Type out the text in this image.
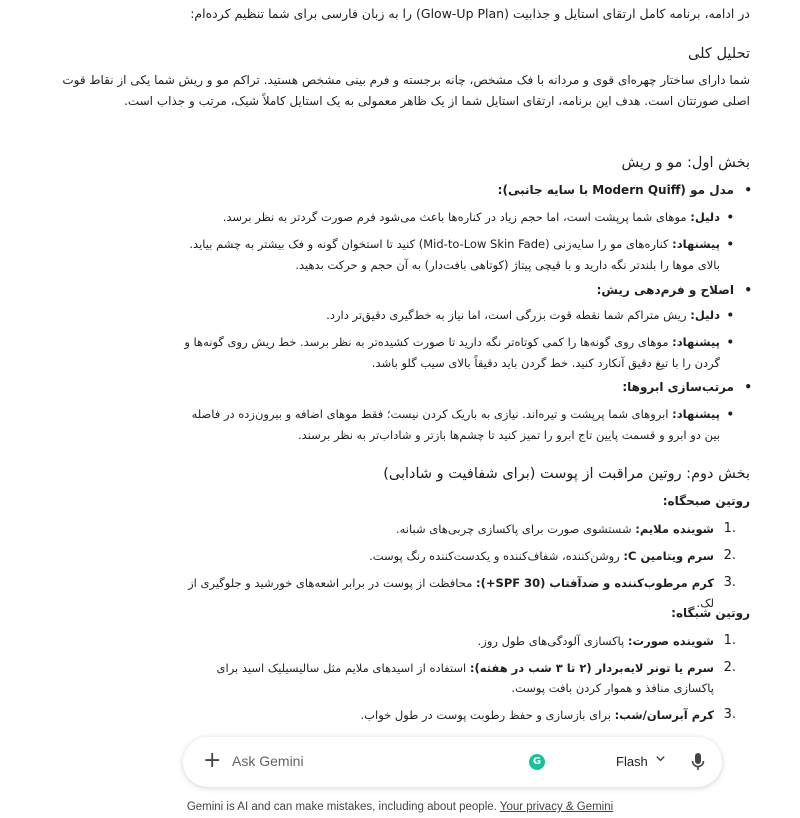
در ادامه، برنامه کامل ارتقای استایل و جذابیت (Glow-Up Plan) را به زبان فارسی برای شما تنظیم کرده‌ام:
تحلیل کلی
شما دارای ساختار چهره‌ای قوی و مردانه با فک مشخص، چانه برجسته و فرم بینی مشخص هستید. تراکم مو و ریش شما یکی از نقاط قوت اصلی صورتتان است. هدف این برنامه، ارتقای استایل شما از یک ظاهر معمولی به یک استایل کاملاً شیک، مرتب و جذاب است.
بخش اول: مو و ریش
• مدل مو (Modern Quiff با سایه جانبی):
• دلیل: موهای شما پرپشت است، اما حجم زیاد در کناره‌ها باعث می‌شود فرم صورت گردتر به نظر برسد.
• پیشنهاد: کناره‌های مو را سایه‌زنی (Mid-to-Low Skin Fade) کنید تا استخوان گونه و فک بیشتر به چشم بیاید. بالای موها را بلندتر نگه دارید و با قیچی پیتاژ (کوتاهی بافت‌دار) به آن حجم و حرکت بدهید.
• اصلاح و فرم‌دهی ریش:
• دلیل: ریش متراکم شما نقطه قوت بزرگی است، اما نیاز به خط‌گیری دقیق‌تر دارد.
• پیشنهاد: موهای روی گونه‌ها را کمی کوتاه‌تر نگه دارید تا صورت کشیده‌تر به نظر برسد. خط ریش روی گونه‌ها و گردن را با تیغ دقیق آنکارد کنید. خط گردن باید دقیقاً بالای سیب گلو باشد.
• مرتب‌سازی ابروها:
• پیشنهاد: ابروهای شما پرپشت و تیره‌اند. نیازی به باریک کردن نیست؛ فقط موهای اضافه و بیرون‌زده در فاصله بین دو ابرو و قسمت پایین تاج ابرو را تمیز کنید تا چشم‌ها بازتر و شاداب‌تر به نظر برسند.
بخش دوم: روتین مراقبت از پوست (برای شفافیت و شادابی)
روتین صبحگاه:
1.
شوینده ملایم: شستشوی صورت برای پاکسازی چربی‌های شبانه.
2.
سرم ویتامین C: روشن‌کننده، شفاف‌کننده و یکدست‌کننده رنگ پوست.
3.
کرم مرطوب‌کننده و ضدآفتاب (SPF 30+): محافظت از پوست در برابر اشعه‌های خورشید و جلوگیری از لک.
روتین شبگاه:
1.
شوینده صورت: پاکسازی آلودگی‌های طول روز.
2.
سرم یا تونر لایه‌بردار (۲ تا ۳ شب در هفته): استفاده از اسیدهای ملایم مثل سالیسیلیک اسید برای پاکسازی منافذ و هموار کردن بافت پوست.
3.
کرم آبرسان/شب: برای بازسازی و حفظ رطوبت پوست در طول خواب.
+ Ask Gemini	G	Flash
Gemini is AI and can make mistakes, including about people. Your privacy & Gemini
